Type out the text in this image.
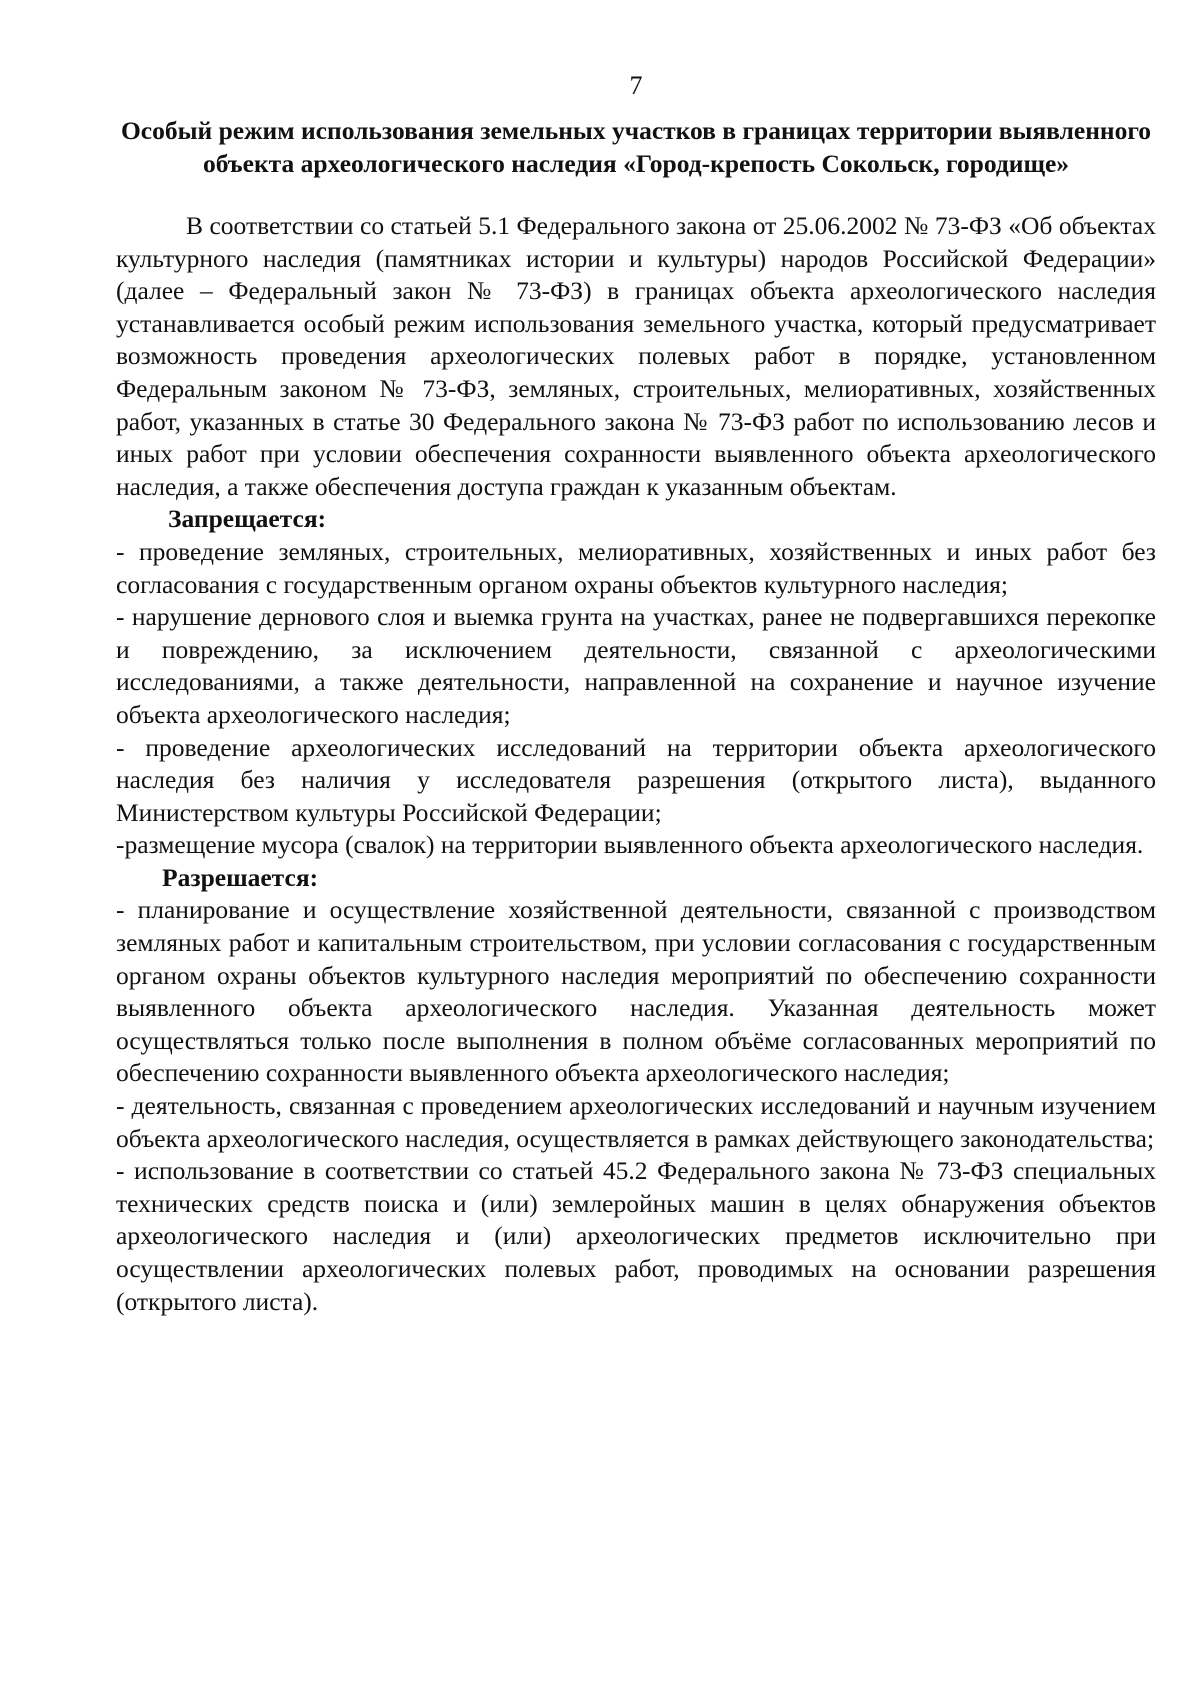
7
Особый режим использования земельных участков в границах территории выявленного объекта археологического наследия «Город-крепость Сокольск, городище»

В соответствии со статьей 5.1 Федерального закона от 25.06.2002 № 73-ФЗ «Об объектах культурного наследия (памятниках истории и культуры) народов Российской Федерации» (далее – Федеральный закон № 73-ФЗ) в границах объекта археологического наследия устанавливается особый режим использования земельного участка, который предусматривает возможность проведения археологических полевых работ в порядке, установленном Федеральным законом № 73-ФЗ, земляных, строительных, мелиоративных, хозяйственных работ, указанных в статье 30 Федерального закона № 73-ФЗ работ по использованию лесов и иных работ при условии обеспечения сохранности выявленного объекта археологического наследия, а также обеспечения доступа граждан к указанным объектам.

Запрещается:

- проведение земляных, строительных, мелиоративных, хозяйственных и иных работ без согласования с государственным органом охраны объектов культурного наследия;

- нарушение дернового слоя и выемка грунта на участках, ранее не подвергавшихся перекопке и повреждению, за исключением деятельности, связанной с археологическими исследованиями, а также деятельности, направленной на сохранение и научное изучение объекта археологического наследия;

- проведение археологических исследований на территории объекта археологического наследия без наличия у исследователя разрешения (открытого листа), выданного Министерством культуры Российской Федерации;

-размещение мусора (свалок) на территории выявленного объекта археологического наследия.

Разрешается:

- планирование и осуществление хозяйственной деятельности, связанной с производством земляных работ и капитальным строительством, при условии согласования с государственным органом охраны объектов культурного наследия мероприятий по обеспечению сохранности выявленного объекта археологического наследия. Указанная деятельность может осуществляться только после выполнения в полном объёме согласованных мероприятий по обеспечению сохранности выявленного объекта археологического наследия;

- деятельность, связанная с проведением археологических исследований и научным изучением объекта археологического наследия, осуществляется в рамках действующего законодательства;

- использование в соответствии со статьей 45.2 Федерального закона № 73-ФЗ специальных технических средств поиска и (или) землеройных машин в целях обнаружения объектов археологического наследия и (или) археологических предметов исключительно при осуществлении археологических полевых работ, проводимых на основании разрешения (открытого листа).
